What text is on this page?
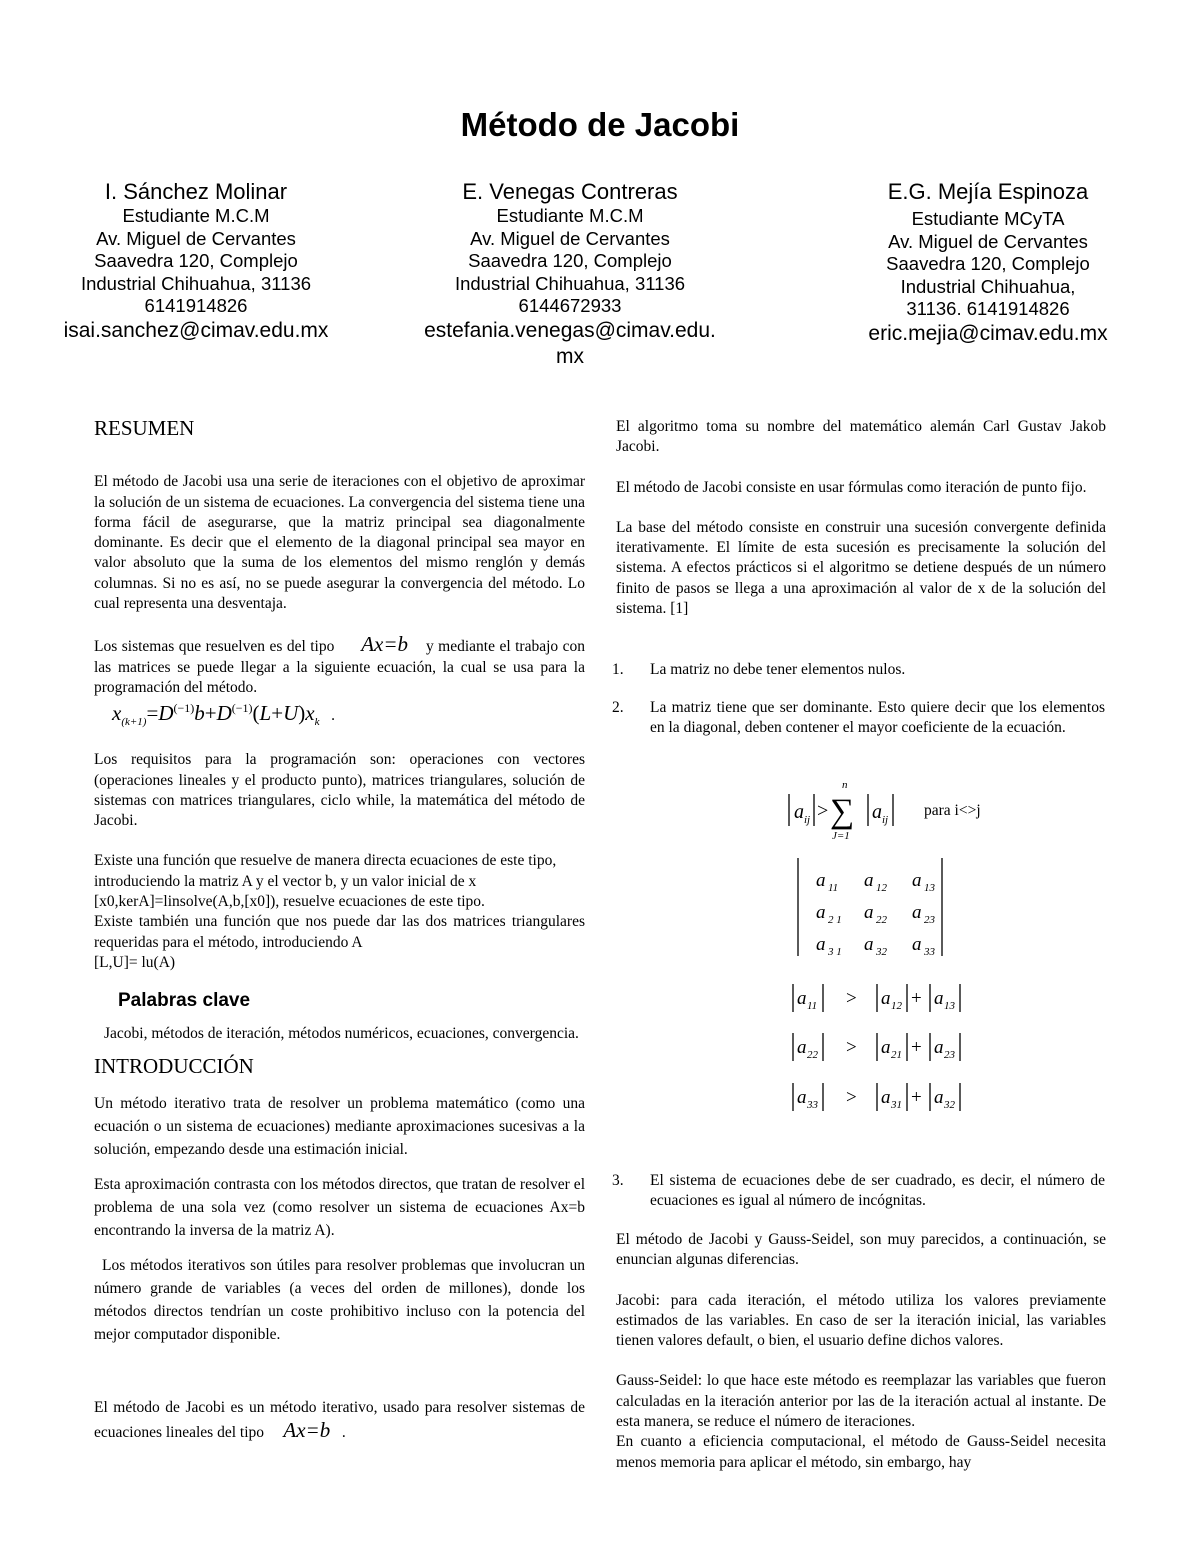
Método de Jacobi
I. Sánchez Molinar
Estudiante M.C.M
Av. Miguel de Cervantes
Saavedra 120, Complejo
Industrial Chihuahua, 31136
6141914826
isai.sanchez@cimav.edu.mx
E. Venegas Contreras
Estudiante M.C.M
Av. Miguel de Cervantes
Saavedra 120, Complejo
Industrial Chihuahua, 31136
6144672933
estefania.venegas@cimav.edu.
mx
E.G. Mejía Espinoza
Estudiante MCyTA
Av. Miguel de Cervantes
Saavedra 120, Complejo
Industrial Chihuahua,
31136. 6141914826
eric.mejia@cimav.edu.mx
RESUMEN

El método de Jacobi usa una serie de iteraciones con el objetivo de aproximar la solución de un sistema de ecuaciones. La convergencia del sistema tiene una forma fácil de asegurarse, que la matriz principal sea diagonalmente dominante. Es decir que el elemento de la diagonal principal sea mayor en valor absoluto que la suma de los elementos del mismo renglón y demás columnas. Si no es así, no se puede asegurar la convergencia del método. Lo cual representa una desventaja.

Los sistemas que resuelven es del tipo Ax=b y mediante el trabajo con las matrices se puede llegar a la siguiente ecuación, la cual se usa para la programación del método.

$x_{(k+1)}=D^{(-1)}b+D^{(-1)}(L+U)x_k$   .

Los requisitos para la programación son: operaciones con vectores (operaciones lineales y el producto punto), matrices triangulares, solución de sistemas con matrices triangulares, ciclo while, la matemática del método de Jacobi.

Existe una función que resuelve de manera directa ecuaciones de este tipo, introduciendo la matriz A y el vector b, y un valor inicial de x

[x0,kerA]=linsolve(A,b,[x0]), resuelve ecuaciones de este tipo.

Existe también una función que nos puede dar las dos matrices triangulares requeridas para el método, introduciendo A

[L,U]= lu(A)

Palabras clave

Jacobi, métodos de iteración, métodos numéricos, ecuaciones, convergencia.

INTRODUCCIÓN

Un método iterativo trata de resolver un problema matemático (como una ecuación o un sistema de ecuaciones) mediante aproximaciones sucesivas a la solución, empezando desde una estimación inicial.

Esta aproximación contrasta con los métodos directos, que tratan de resolver el problema de una sola vez (como resolver un sistema de ecuaciones Ax=b encontrando la inversa de la matriz A).

Los métodos iterativos son útiles para resolver problemas que involucran un número grande de variables (a veces del orden de millones), donde los métodos directos tendrían un coste prohibitivo incluso con la potencia del mejor computador disponible.

El método de Jacobi es un método iterativo, usado para resolver sistemas de ecuaciones lineales del tipo Ax=b .

El algoritmo toma su nombre del matemático alemán Carl Gustav Jakob Jacobi.

El método de Jacobi consiste en usar fórmulas como iteración de punto fijo.

La base del método consiste en construir una sucesión convergente definida iterativamente. El límite de esta sucesión es precisamente la solución del sistema. A efectos prácticos si el algoritmo se detiene después de un número finito de pasos se llega a una aproximación al valor de x de la solución del sistema. [1]

1. La matriz no debe tener elementos nulos.
2. La matriz tiene que ser dominante. Esto quiere decir que los elementos en la diagonal, deben contener el mayor coeficiente de la ecuación.
a ij > ∑
n
J=1
a ij
para i<>j
a 11 a 12 a 13
a 2 1 a 22 a 23
a 3 1 a 32 a 33
a 11 > a 12 + a 13
a 22 > a 21 + a 23
a 33 > a 31 + a 32
3. El sistema de ecuaciones debe de ser cuadrado, es decir, el número de ecuaciones es igual al número de incógnitas.

El método de Jacobi y Gauss-Seidel, son muy parecidos, a continuación, se enuncian algunas diferencias.

Jacobi: para cada iteración, el método utiliza los valores previamente estimados de las variables. En caso de ser la iteración inicial, las variables tienen valores default, o bien, el usuario define dichos valores.

Gauss-Seidel: lo que hace este método es reemplazar las variables que fueron calculadas en la iteración anterior por las de la iteración actual al instante. De esta manera, se reduce el número de iteraciones.

En cuanto a eficiencia computacional, el método de Gauss-Seidel necesita menos memoria para aplicar el método, sin embargo, hay
